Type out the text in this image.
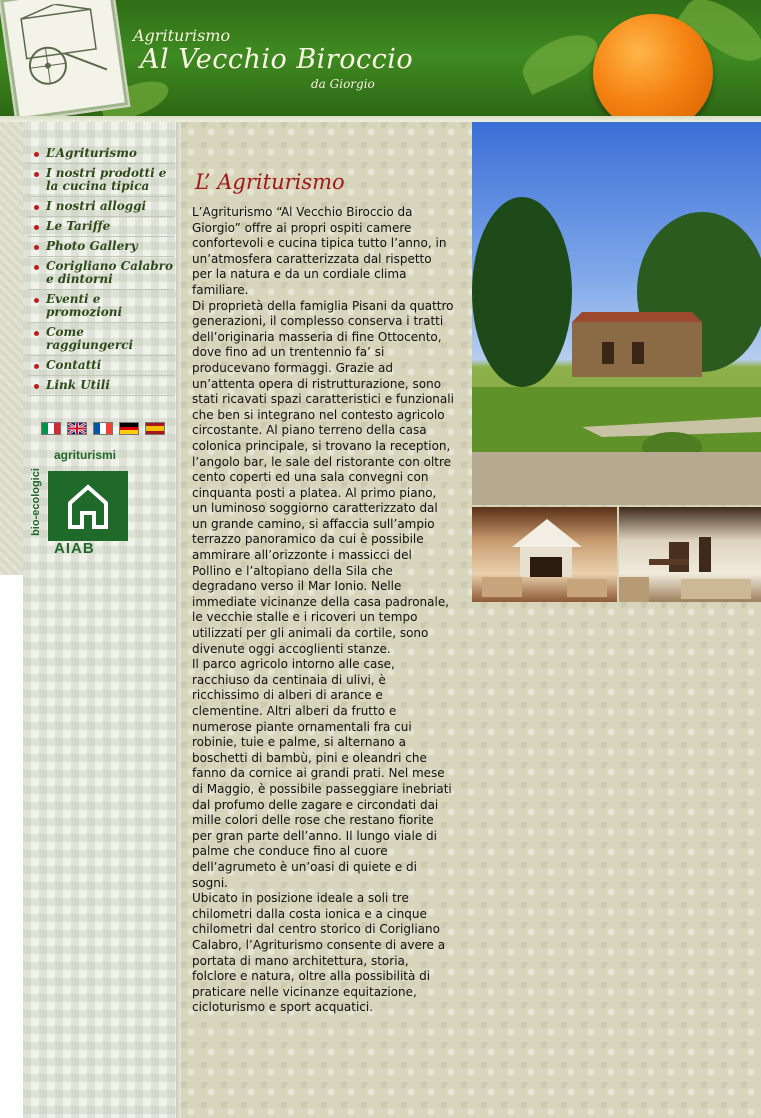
Agriturismo
Al Vecchio Biroccio
da Giorgio
L’Agriturismo
I nostri prodotti e la cucina tipica
I nostri alloggi
Le Tariffe
Photo Gallery
Corigliano Calabro e dintorni
Eventi e promozioni
Come raggiungerci
Contatti
Link Utili
bio-ecologici
agriturismi
AIAB
L’ Agriturismo

L’Agriturismo “Al Vecchio Biroccio da Giorgio” offre ai propri ospiti camere confortevoli e cucina tipica tutto l’anno, in un’atmosfera caratterizzata dal rispetto per la natura e da un cordiale clima familiare.

Di proprietà della famiglia Pisani da quattro generazioni, il complesso conserva i tratti dell’originaria masseria di fine Ottocento, dove fino ad un trentennio fa’ si producevano formaggi. Grazie ad un’attenta opera di ristrutturazione, sono stati ricavati spazi caratteristici e funzionali che ben si integrano nel contesto agricolo circostante. Al piano terreno della casa colonica principale, si trovano la reception, l’angolo bar, le sale del ristorante con oltre cento coperti ed una sala convegni con cinquanta posti a platea. Al primo piano, un luminoso soggiorno caratterizzato dal un grande camino, si affaccia sull’ampio terrazzo panoramico da cui è possibile ammirare all’orizzonte i massicci del Pollino e l’altopiano della Sila che degradano verso il Mar Ionio. Nelle immediate vicinanze della casa padronale, le vecchie stalle e i ricoveri un tempo utilizzati per gli animali da cortile, sono divenute oggi accoglienti stanze.

Il parco agricolo intorno alle case, racchiuso da centinaia di ulivi, è ricchissimo di alberi di arance e clementine. Altri alberi da frutto e numerose piante ornamentali fra cui robinie, tuie e palme, si alternano a boschetti di bambù, pini e oleandri che fanno da cornice ai grandi prati. Nel mese di Maggio, è possibile passeggiare inebriati dal profumo delle zagare e circondati dai mille colori delle rose che restano fiorite per gran parte dell’anno. Il lungo viale di palme che conduce fino al cuore dell’agrumeto è un’oasi di quiete e di sogni.

Ubicato in posizione ideale a soli tre chilometri dalla costa ionica e a cinque chilometri dal centro storico di Corigliano Calabro, l’Agriturismo consente di avere a portata di mano architettura, storia, folclore e natura, oltre alla possibilità di praticare nelle vicinanze equitazione, cicloturismo e sport acquatici.
